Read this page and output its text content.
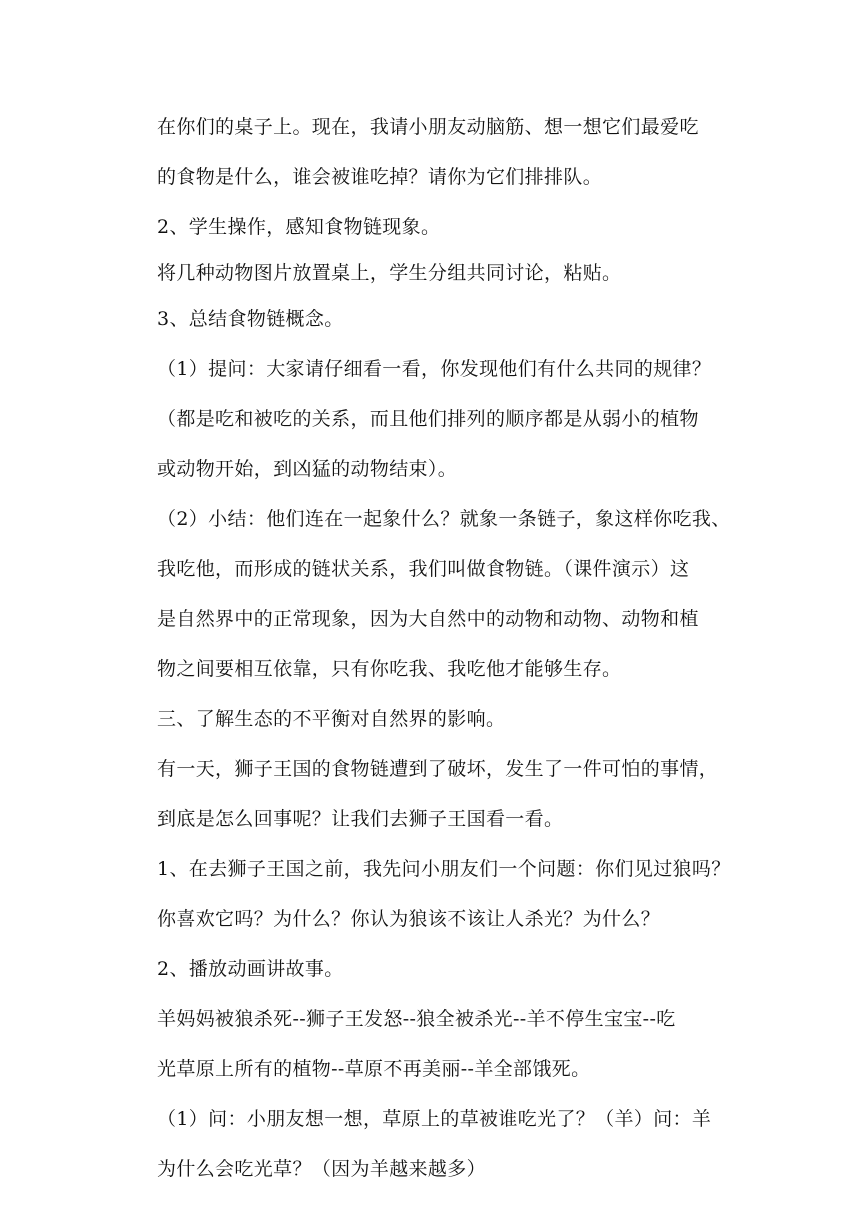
在你们的桌子上。现在，我请小朋友动脑筋、想一想它们最爱吃

的食物是什么，谁会被谁吃掉？请你为它们排排队。

2、学生操作，感知食物链现象。

将几种动物图片放置桌上，学生分组共同讨论，粘贴。

3、总结食物链概念。

（1）提问：大家请仔细看一看，你发现他们有什么共同的规律？

（都是吃和被吃的关系，而且他们排列的顺序都是从弱小的植物

或动物开始，到凶猛的动物结束）。

（2）小结：他们连在一起象什么？就象一条链子，象这样你吃我、

我吃他，而形成的链状关系，我们叫做食物链。（课件演示）这

是自然界中的正常现象，因为大自然中的动物和动物、动物和植

物之间要相互依靠，只有你吃我、我吃他才能够生存。

三、了解生态的不平衡对自然界的影响。

有一天，狮子王国的食物链遭到了破坏，发生了一件可怕的事情，

到底是怎么回事呢？让我们去狮子王国看一看。

1、在去狮子王国之前，我先问小朋友们一个问题：你们见过狼吗？

你喜欢它吗？为什么？你认为狼该不该让人杀光？为什么？

2、播放动画讲故事。

羊妈妈被狼杀死--狮子王发怒--狼全被杀光--羊不停生宝宝--吃

光草原上所有的植物--草原不再美丽--羊全部饿死。

（1）问：小朋友想一想，草原上的草被谁吃光了？（羊）问：羊

为什么会吃光草？（因为羊越来越多）
